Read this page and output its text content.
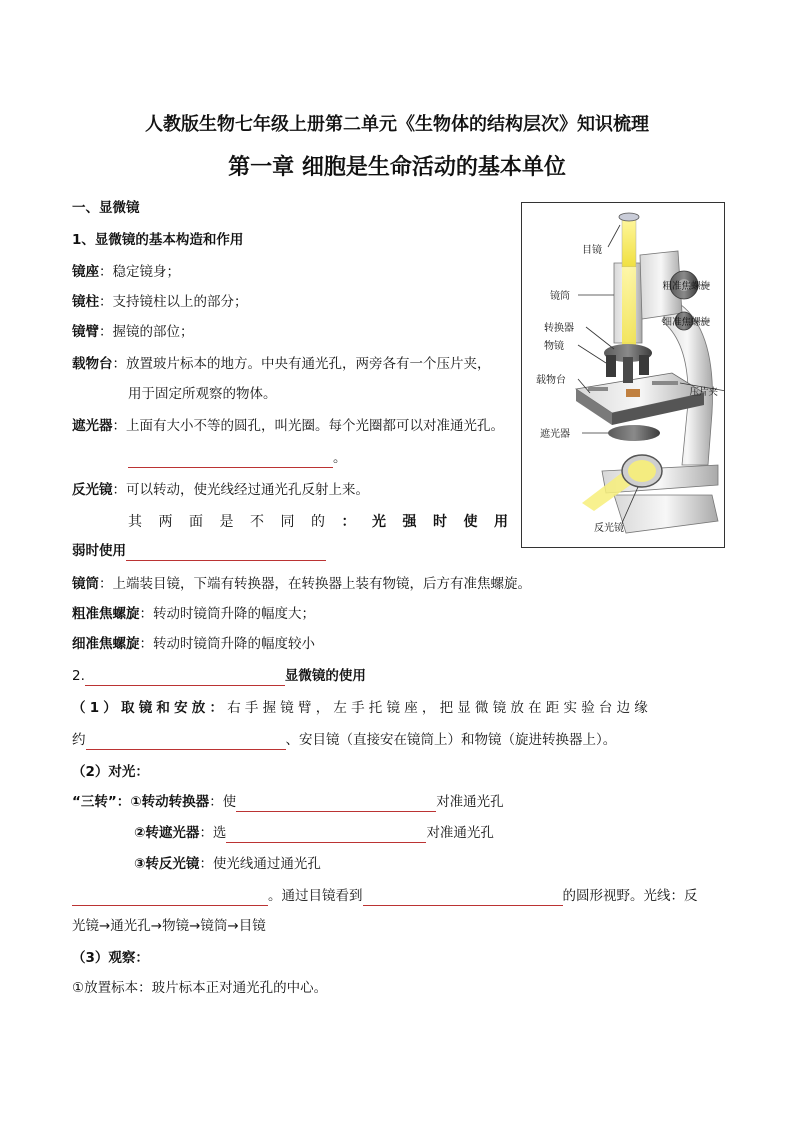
人教版生物七年级上册第二单元《生物体的结构层次》知识梳理
第一章 细胞是生命活动的基本单位
一、显微镜
1、显微镜的基本构造和作用
镜座：稳定镜身；
镜柱：支持镜柱以上的部分；
镜臂：握镜的部位；
载物台：放置玻片标本的地方。中央有通光孔，两旁各有一个压片夹，
用于固定所观察的物体。
遮光器：上面有大小不等的圆孔，叫光圈。每个光圈都可以对准通光孔。
。
反光镜：可以转动，使光线经过通光孔反射上来。
其 两 面 是 不 同 的 ： 光 强 时 使 用
弱时使用
镜筒：上端装目镜，下端有转换器，在转换器上装有物镜，后方有准焦螺旋。
粗准焦螺旋：转动时镜筒升降的幅度大；
细准焦螺旋：转动时镜筒升降的幅度较小
2.	显微镜的使用
（1）取镜和安放：右手握镜臂，左手托镜座，把显微镜放在距实验台边缘
约	、安目镜（直接安在镜筒上）和物镜（旋进转换器上）。
（2）对光：
“三转”：①转动转换器：使	对准通光孔
②转遮光器：选	对准通光孔
③转反光镜：使光线通过通光孔
。通过目镜看到	的圆形视野。光线：反
光镜→通光孔→物镜→镜筒→目镜
（3）观察：
①放置标本：玻片标本正对通光孔的中心。
目镜
镜筒
转换器
物镜
载物台
遮光器
反光镜
粗准焦螺旋
细准焦螺旋
压片夹
